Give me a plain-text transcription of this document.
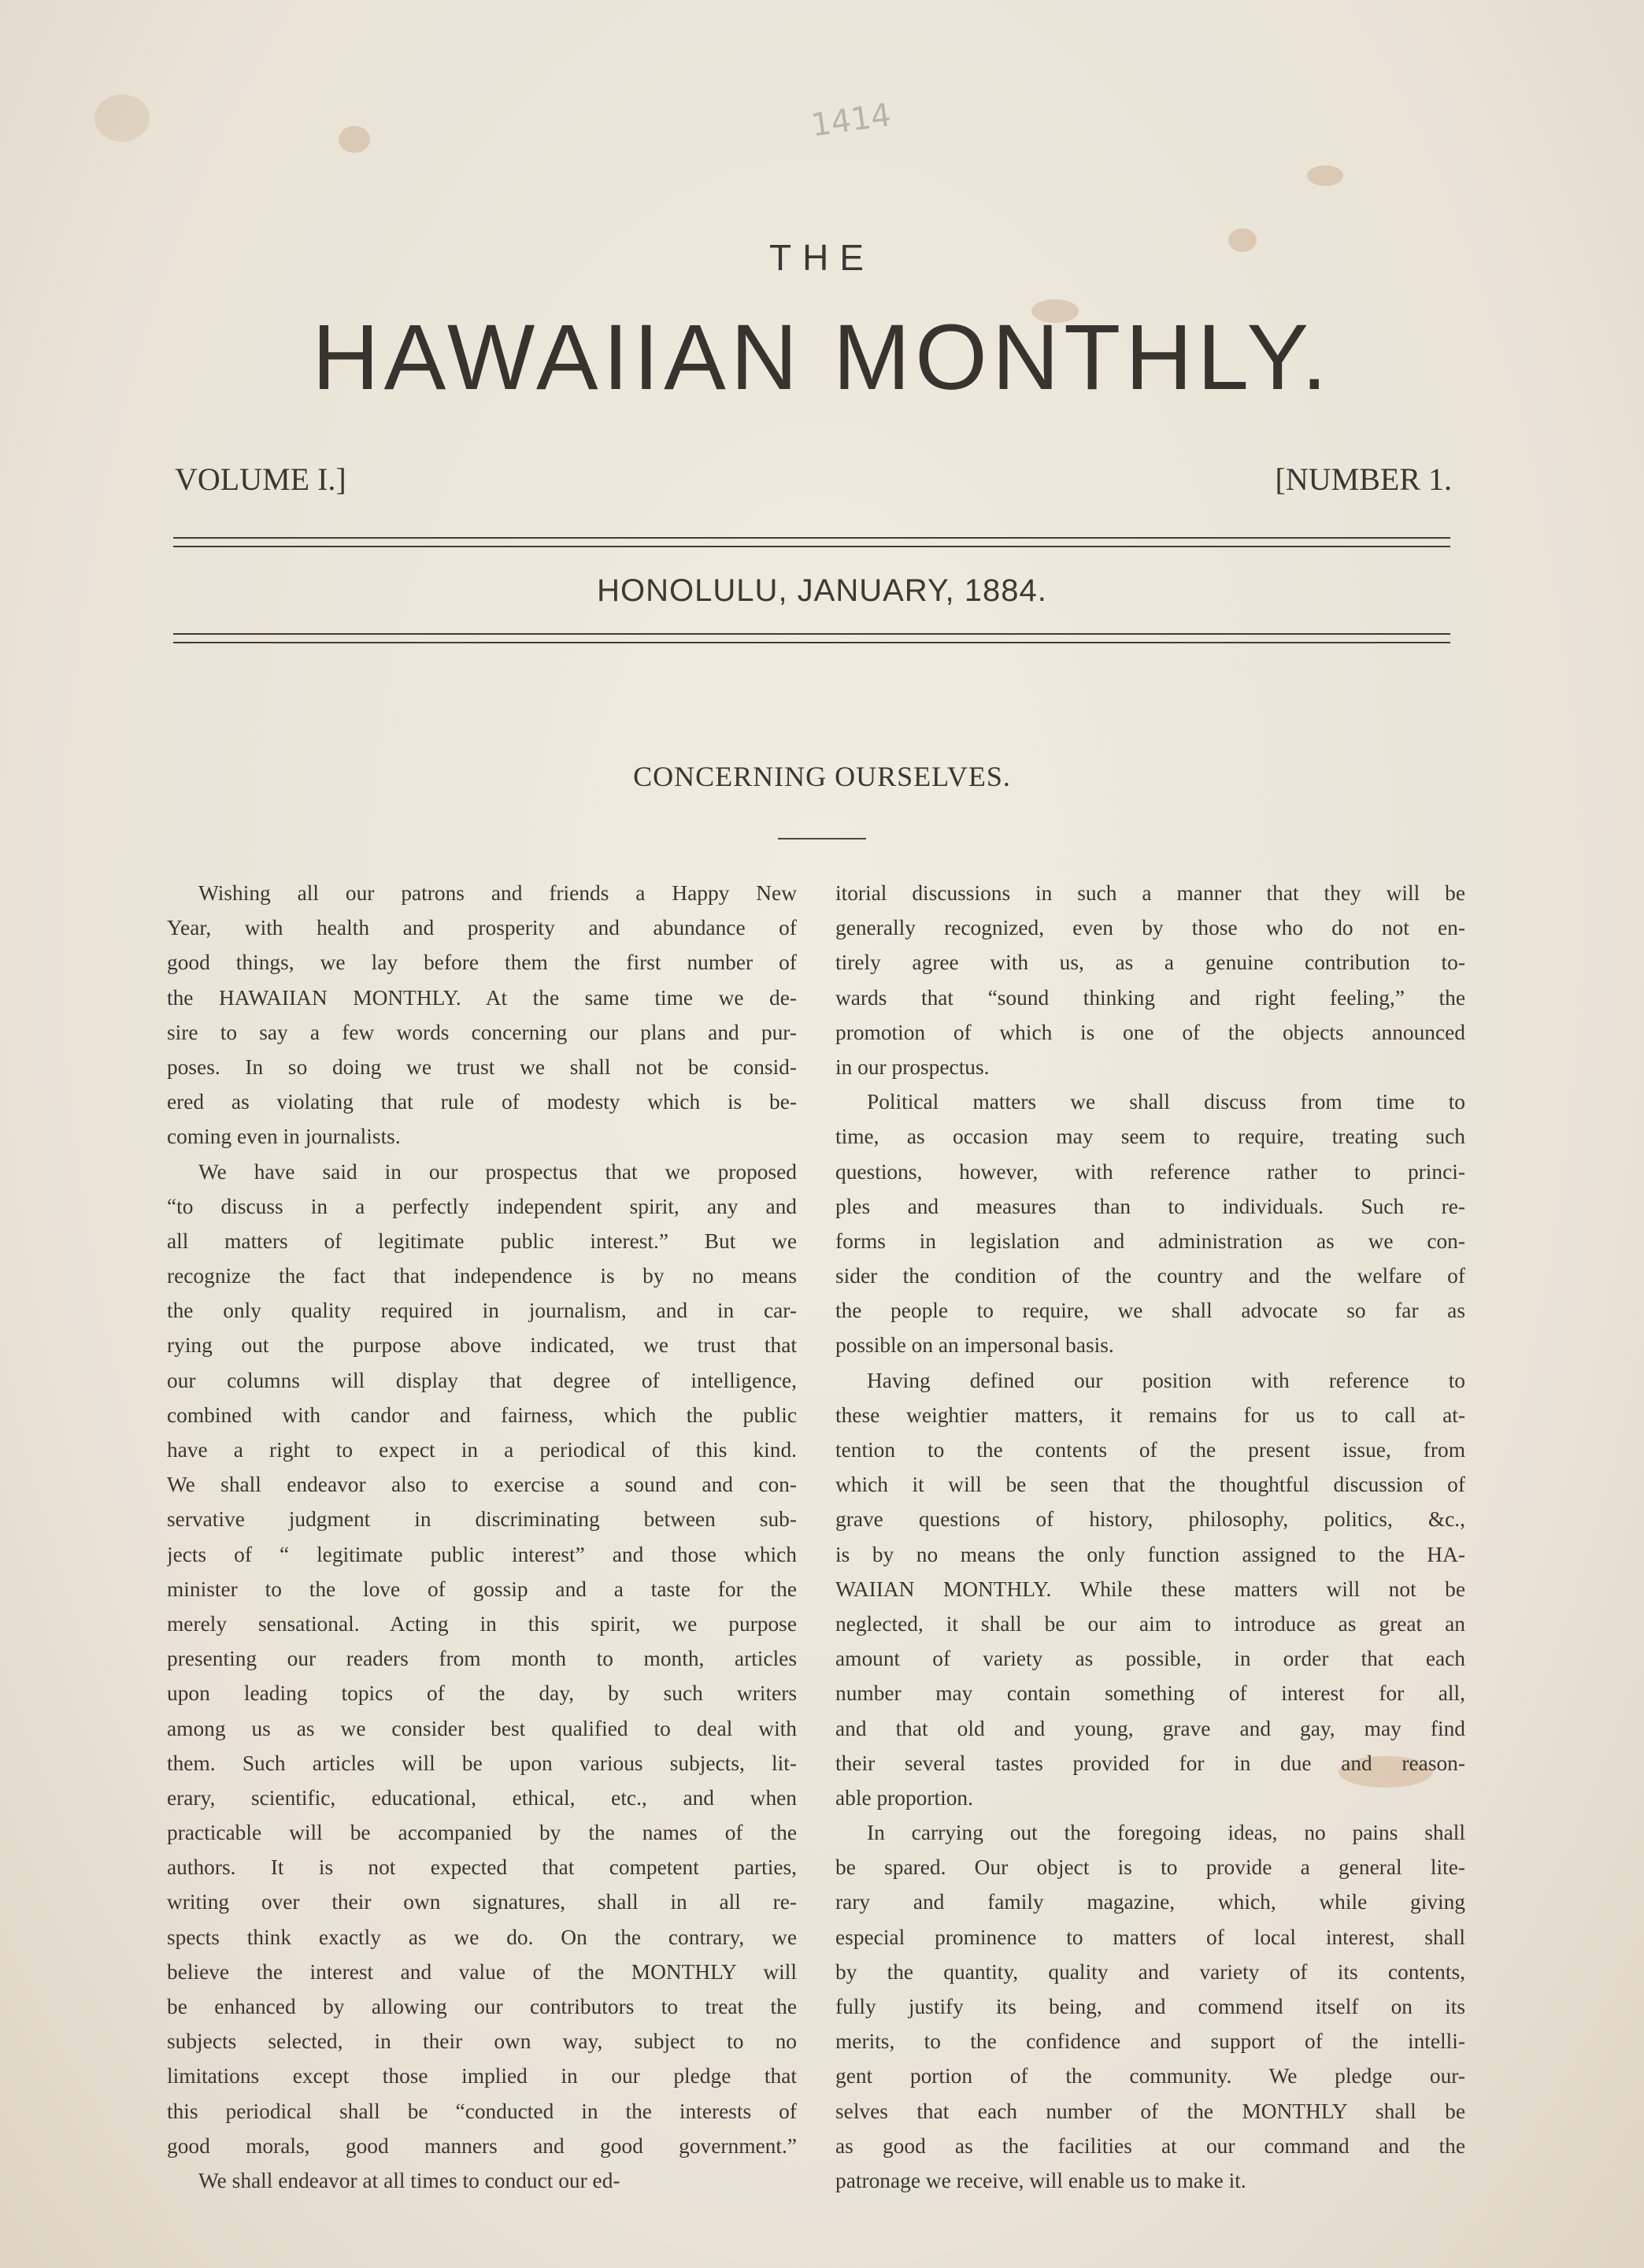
1414
THE
HAWAIIAN MONTHLY.
VOLUME I.]	[NUMBER 1.
HONOLULU, JANUARY, 1884.
CONCERNING OURSELVES.
Wishing all our patrons and friends a Happy New
Year, with health and prosperity and abundance of
good things, we lay before them the first number of
the HAWAIIAN MONTHLY. At the same time we de-
sire to say a few words concerning our plans and pur-
poses. In so doing we trust we shall not be consid-
ered as violating that rule of modesty which is be-
coming even in journalists.
We have said in our prospectus that we proposed
“to discuss in a perfectly independent spirit, any and
all matters of legitimate public interest.” But we
recognize the fact that independence is by no means
the only quality required in journalism, and in car-
rying out the purpose above indicated, we trust that
our columns will display that degree of intelligence,
combined with candor and fairness, which the public
have a right to expect in a periodical of this kind.
We shall endeavor also to exercise a sound and con-
servative judgment in discriminating between sub-
jects of “ legitimate public interest” and those which
minister to the love of gossip and a taste for the
merely sensational. Acting in this spirit, we purpose
presenting our readers from month to month, articles
upon leading topics of the day, by such writers
among us as we consider best qualified to deal with
them. Such articles will be upon various subjects, lit-
erary, scientific, educational, ethical, etc., and when
practicable will be accompanied by the names of the
authors. It is not expected that competent parties,
writing over their own signatures, shall in all re-
spects think exactly as we do. On the contrary, we
believe the interest and value of the MONTHLY will
be enhanced by allowing our contributors to treat the
subjects selected, in their own way, subject to no
limitations except those implied in our pledge that
this periodical shall be “conducted in the interests of
good morals, good manners and good government.”
We shall endeavor at all times to conduct our ed-
itorial discussions in such a manner that they will be
generally recognized, even by those who do not en-
tirely agree with us, as a genuine contribution to-
wards that “sound thinking and right feeling,” the
promotion of which is one of the objects announced
in our prospectus.
Political matters we shall discuss from time to
time, as occasion may seem to require, treating such
questions, however, with reference rather to princi-
ples and measures than to individuals. Such re-
forms in legislation and administration as we con-
sider the condition of the country and the welfare of
the people to require, we shall advocate so far as
possible on an impersonal basis.
Having defined our position with reference to
these weightier matters, it remains for us to call at-
tention to the contents of the present issue, from
which it will be seen that the thoughtful discussion of
grave questions of history, philosophy, politics, &c.,
is by no means the only function assigned to the HA-
WAIIAN MONTHLY. While these matters will not be
neglected, it shall be our aim to introduce as great an
amount of variety as possible, in order that each
number may contain something of interest for all,
and that old and young, grave and gay, may find
their several tastes provided for in due and reason-
able proportion.
In carrying out the foregoing ideas, no pains shall
be spared. Our object is to provide a general lite-
rary and family magazine, which, while giving
especial prominence to matters of local interest, shall
by the quantity, quality and variety of its contents,
fully justify its being, and commend itself on its
merits, to the confidence and support of the intelli-
gent portion of the community. We pledge our-
selves that each number of the MONTHLY shall be
as good as the facilities at our command and the
patronage we receive, will enable us to make it.
